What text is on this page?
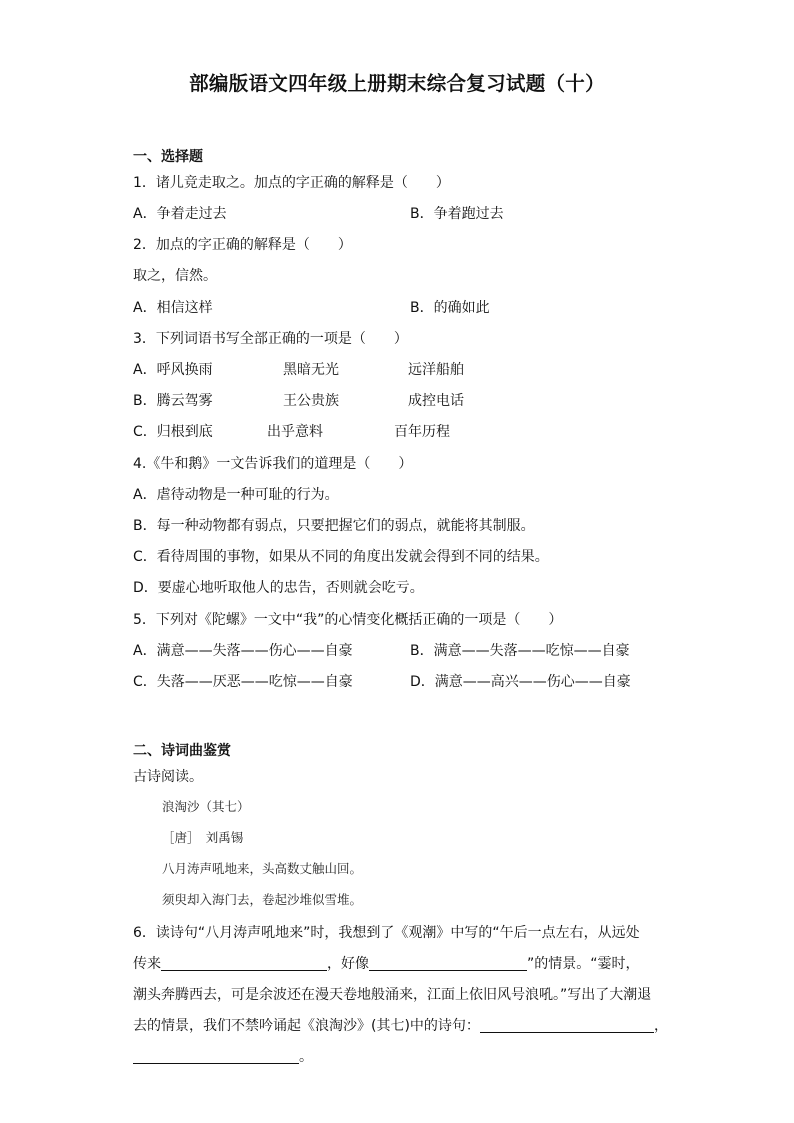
部编版语文四年级上册期末综合复习试题（十）
一、选择题
1．诸儿竞走取之。加点的字正确的解释是（　　）
A．争着走过去	B．争着跑过去
2．加点的字正确的解释是（　　）
取之，信然。
A．相信这样	B．的确如此
3．下列词语书写全部正确的一项是（　　）
A．呼风换雨	黑暗无光	远洋船舶
B．腾云驾雾	王公贵族	成控电话
C．归根到底	出乎意料	百年历程
4.《牛和鹅》一文告诉我们的道理是（　　）
A．虐待动物是一种可耻的行为。
B．每一种动物都有弱点，只要把握它们的弱点，就能将其制服。
C．看待周围的事物，如果从不同的角度出发就会得到不同的结果。
D．要虚心地听取他人的忠告，否则就会吃亏。
5．下列对《陀螺》一文中“我”的心情变化概括正确的一项是（　　）
A．满意——失落——伤心——自豪	B．满意——失落——吃惊——自豪
C．失落——厌恶——吃惊——自豪	D．满意——高兴——伤心——自豪
二、诗词曲鉴赏
古诗阅读。
浪淘沙（其七）
［唐］　刘禹锡
八月涛声吼地来，头高数丈触山回。
须臾却入海门去，卷起沙堆似雪堆。
6．读诗句“八月涛声吼地来”时，我想到了《观潮》中写的“午后一点左右，从远处
传来	，好像	”的情景。“霎时，
潮头奔腾西去，可是余波还在漫天卷地般涌来，江面上依旧风号浪吼。”写出了大潮退
去的情景，我们不禁吟诵起《浪淘沙》(其七)中的诗句：	，
。
